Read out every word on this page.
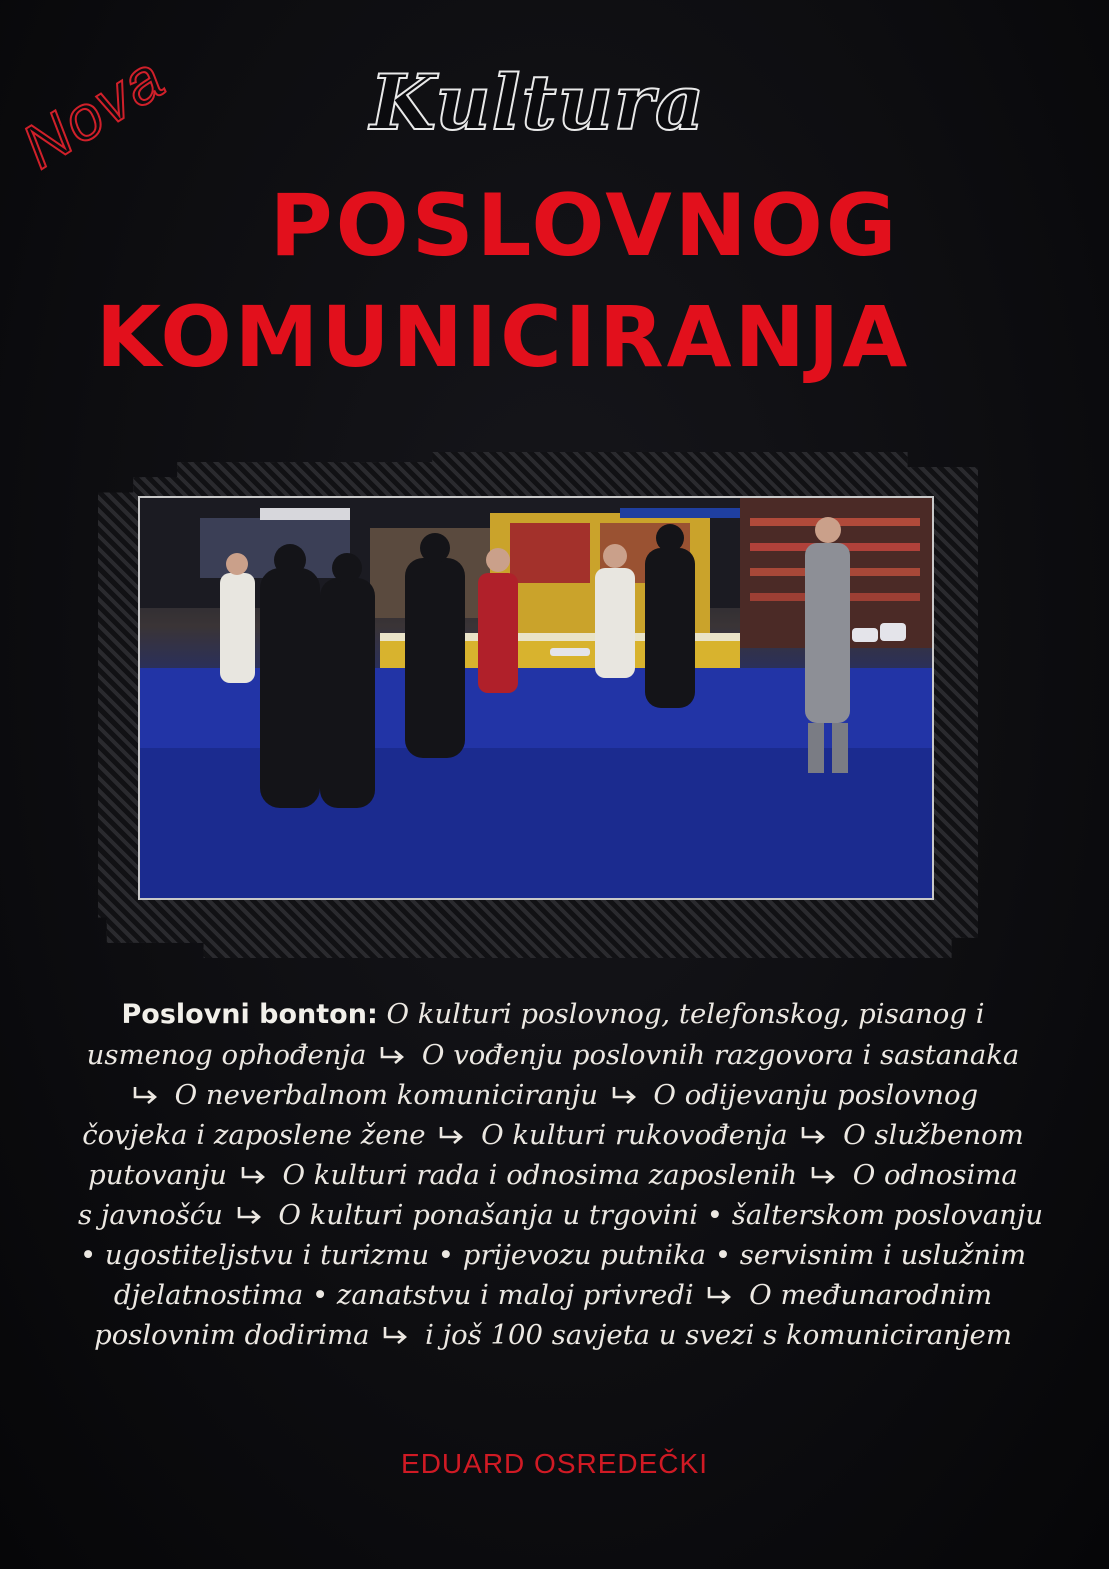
Nova	Kultura
POSLOVNOG
KOMUNICIRANJA
Poslovni bonton: O kulturi poslovnog, telefonskog, pisanog i
usmenog ophođenja O vođenju poslovnih razgovora i sastanaka
O neverbalnom komuniciranju O odijevanju poslovnog
čovjeka i zaposlene žene O kulturi rukovođenja O službenom
putovanju O kulturi rada i odnosima zaposlenih O odnosima
s javnošću O kulturi ponašanja u trgovini • šalterskom poslovanju
• ugostiteljstvu i turizmu • prijevozu putnika • servisnim i uslužnim
djelatnostima • zanatstvu i maloj privredi O međunarodnim
poslovnim dodirima i još 100 savjeta u svezi s komuniciranjem
EDUARD OSREDEČKI
